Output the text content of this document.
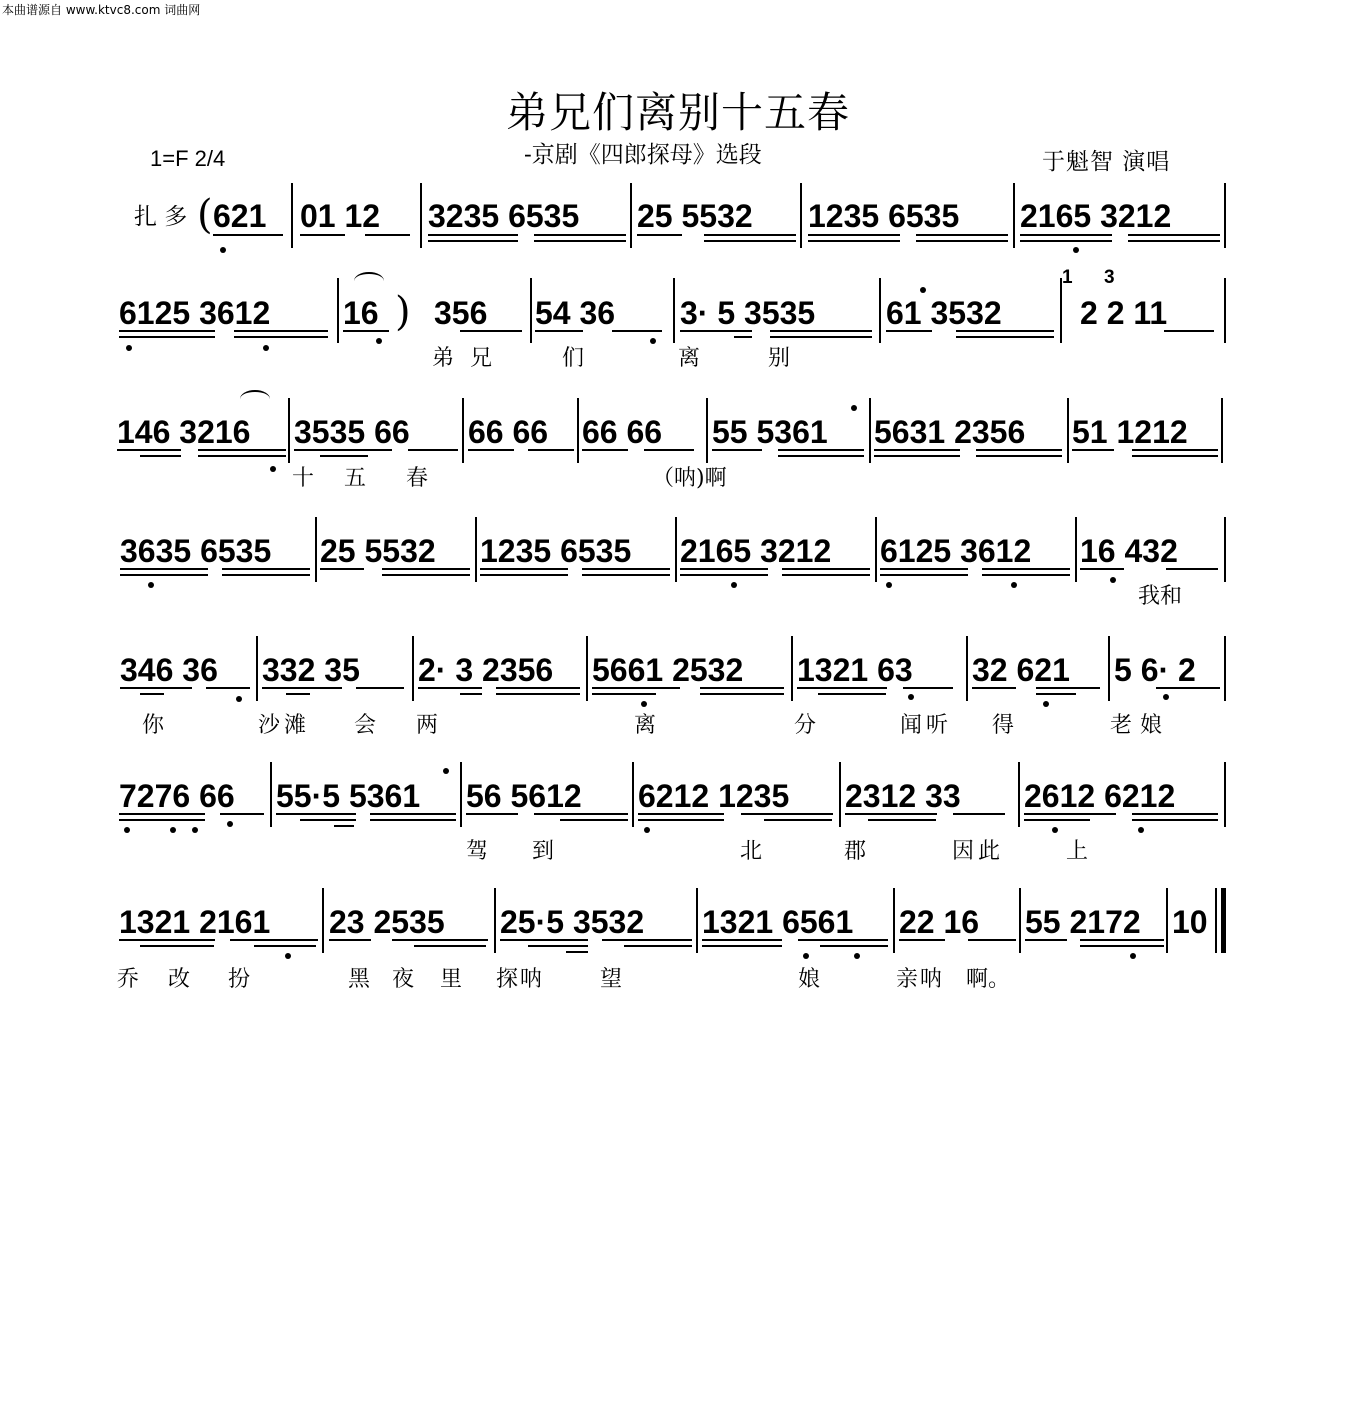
本曲谱源自 www.ktvc8.com 词曲网
弟兄们离别十五春
-京剧《四郎探母》选段
1=F 2/4	于魁智 演唱
扎 多 ( 621 01 12 3235 6535 25 5532 1235 6535 2165 3212
6125 3612 16 ) 356 54 36 3· 5 3535 61 3532 2 2 11
1 3
弟 兄	们	离	别
146 3216 3535 66 66 66 66 66 55 5361 5631 2356 51 1212
十 五 春	（呐)啊
3635 6535 25 5532 1235 6535 2165 3212 6125 3612 16 432
我和
346 36 332 35 2· 3 2356 5661 2532 1321 63 32 621 5 6· 2
你	沙滩 会 两	离	分	闻听 得	老娘
7276 66 55·5 5361 56 5612 6212 1235 2312 33 2612 6212
驾 到	北	郡	因此	上
1321 2161 23 2535 25·5 3532 1321 6561 22 16 55 2172 10
乔 改 扮	黑 夜 里 探呐	望	娘	亲呐 啊。
